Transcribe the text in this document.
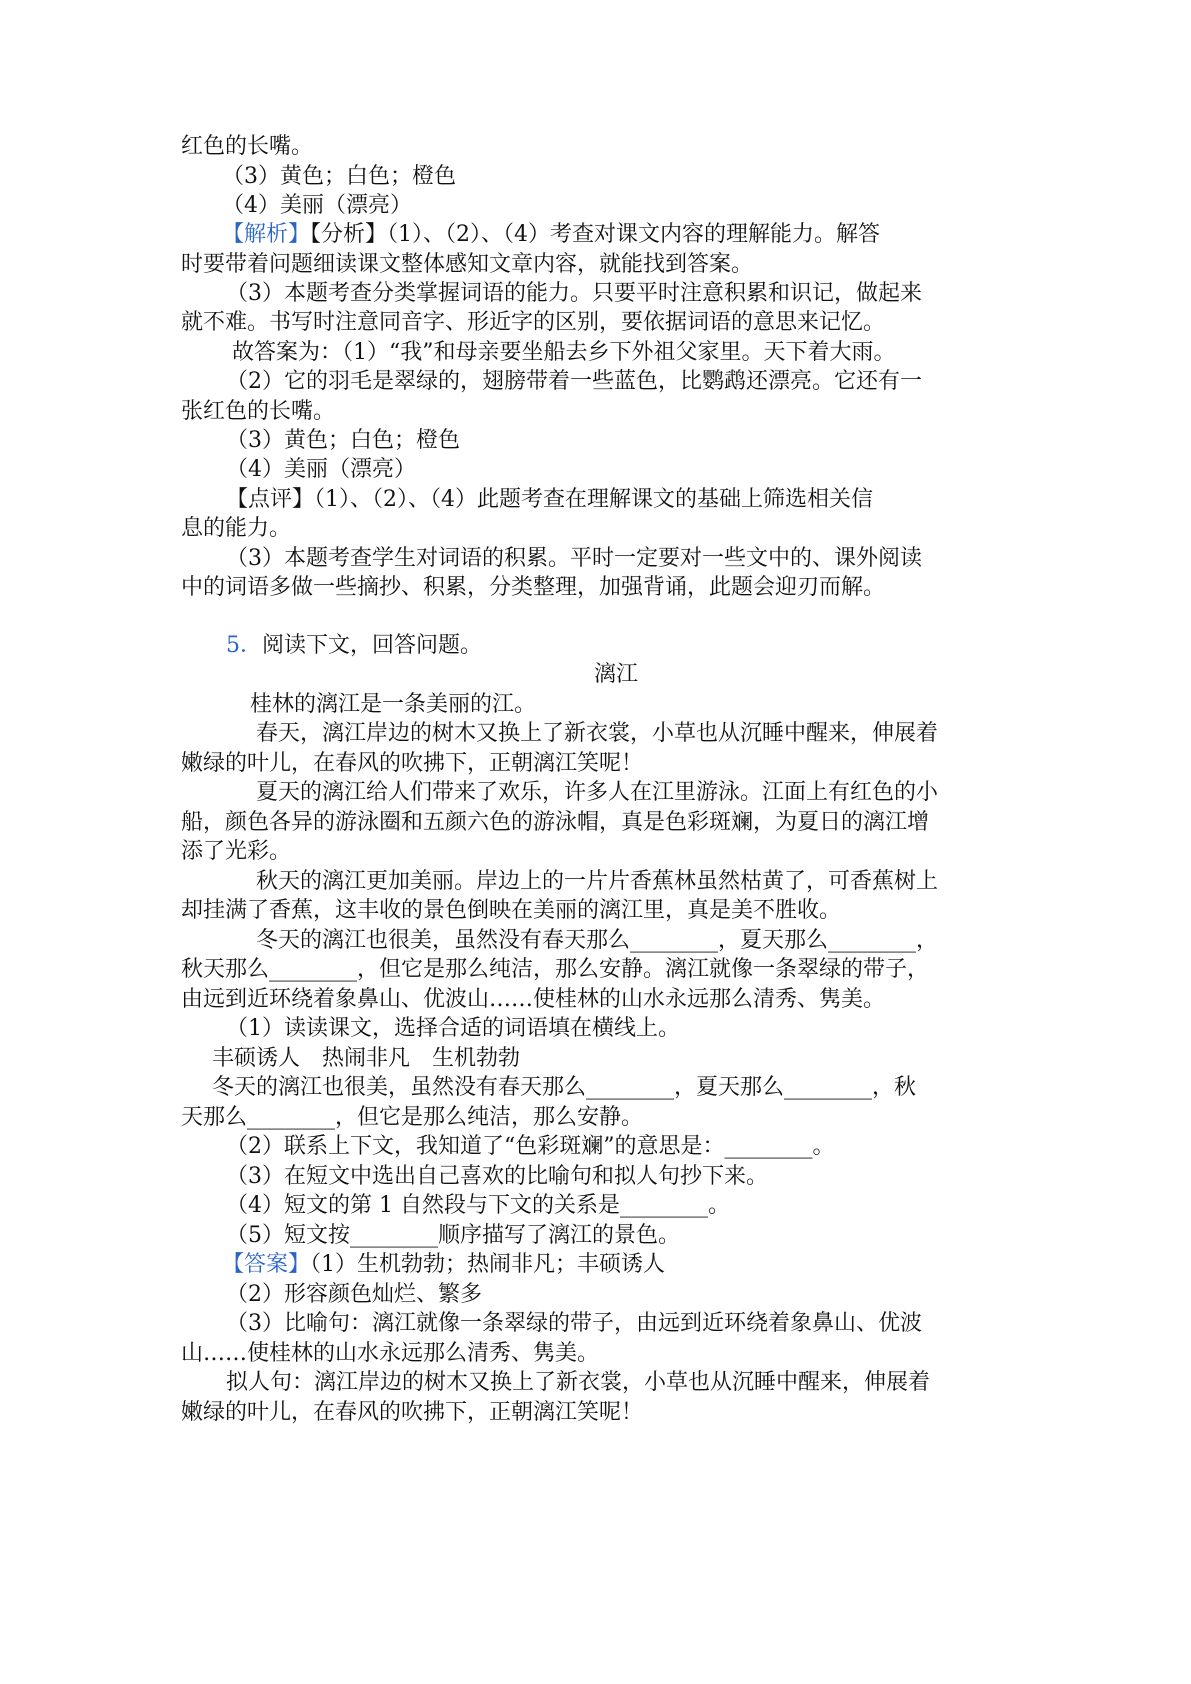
红色的长嘴。
（3）黄色；白色；橙色
（4）美丽（漂亮）
【解析】【分析】（1）、（2）、（4）考查对课文内容的理解能力。解答
时要带着问题细读课文整体感知文章内容，就能找到答案。
（3）本题考查分类掌握词语的能力。只要平时注意积累和识记，做起来
就不难。书写时注意同音字、形近字的区别，要依据词语的意思来记忆。
故答案为：（1）“我”和母亲要坐船去乡下外祖父家里。天下着大雨。
（2）它的羽毛是翠绿的，翅膀带着一些蓝色，比鹦鹉还漂亮。它还有一
张红色的长嘴。
（3）黄色；白色；橙色
（4）美丽（漂亮）
【点评】（1）、（2）、（4）此题考查在理解课文的基础上筛选相关信
息的能力。
（3）本题考查学生对词语的积累。平时一定要对一些文中的、课外阅读
中的词语多做一些摘抄、积累，分类整理，加强背诵，此题会迎刃而解。
5．阅读下文，回答问题。
漓江
桂林的漓江是一条美丽的江。
春天，漓江岸边的树木又换上了新衣裳，小草也从沉睡中醒来，伸展着
嫩绿的叶儿，在春风的吹拂下，正朝漓江笑呢！
夏天的漓江给人们带来了欢乐，许多人在江里游泳。江面上有红色的小
船，颜色各异的游泳圈和五颜六色的游泳帽，真是色彩斑斓，为夏日的漓江增
添了光彩。
秋天的漓江更加美丽。岸边上的一片片香蕉林虽然枯黄了，可香蕉树上
却挂满了香蕉，这丰收的景色倒映在美丽的漓江里，真是美不胜收。
冬天的漓江也很美，虽然没有春天那么________，夏天那么________，
秋天那么________，但它是那么纯洁，那么安静。漓江就像一条翠绿的带子，
由远到近环绕着象鼻山、优波山……使桂林的山水永远那么清秀、隽美。
（1）读读课文，选择合适的词语填在横线上。
丰硕诱人　热闹非凡　生机勃勃
冬天的漓江也很美，虽然没有春天那么________，夏天那么________，秋
天那么________，但它是那么纯洁，那么安静。
（2）联系上下文，我知道了“色彩斑斓”的意思是：________。
（3）在短文中选出自己喜欢的比喻句和拟人句抄下来。
（4）短文的第 1 自然段与下文的关系是________。
（5）短文按________顺序描写了漓江的景色。
【答案】（1）生机勃勃；热闹非凡；丰硕诱人
（2）形容颜色灿烂、繁多
（3）比喻句：漓江就像一条翠绿的带子，由远到近环绕着象鼻山、优波
山……使桂林的山水永远那么清秀、隽美。
拟人句：漓江岸边的树木又换上了新衣裳，小草也从沉睡中醒来，伸展着
嫩绿的叶儿，在春风的吹拂下，正朝漓江笑呢！
